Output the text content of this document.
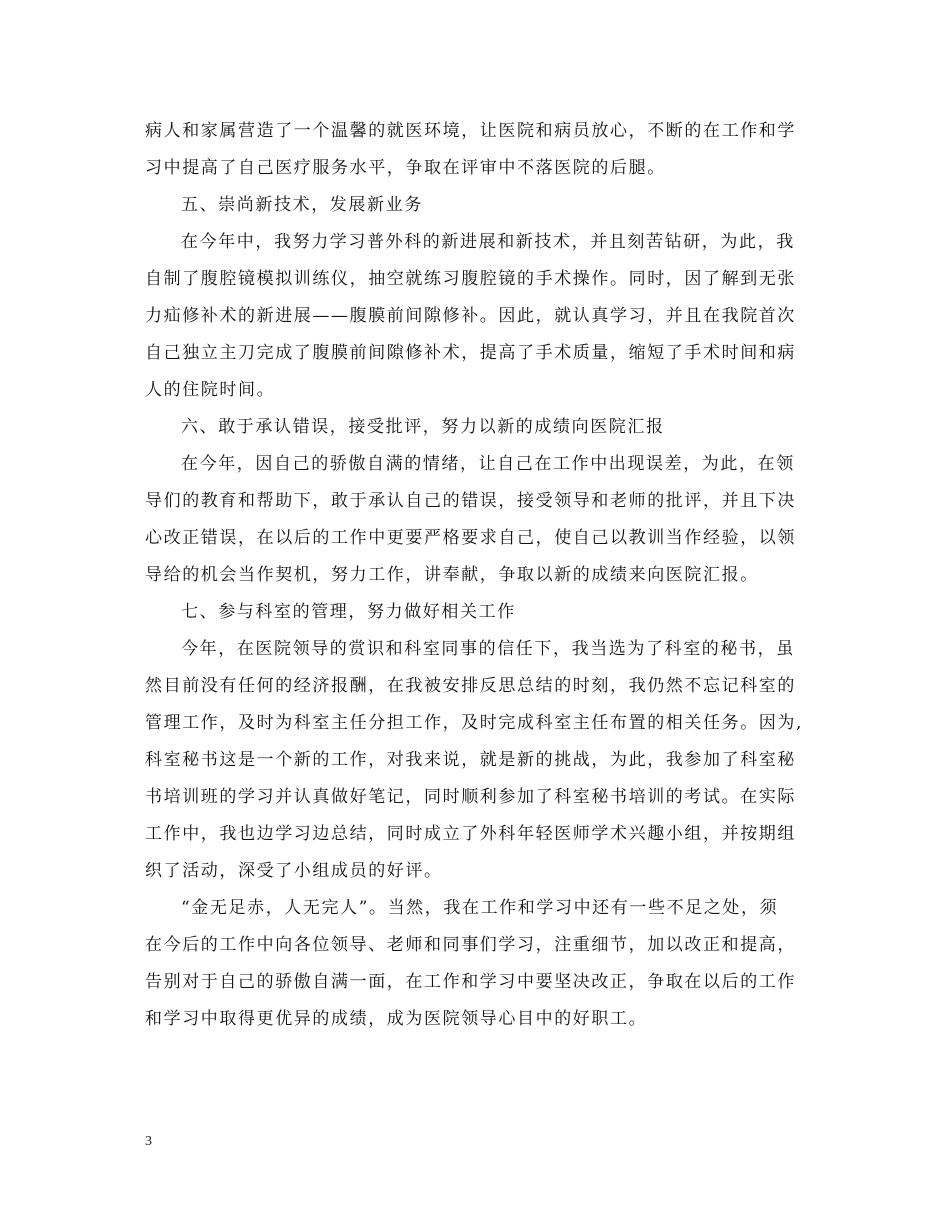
病人和家属营造了一个温馨的就医环境，让医院和病员放心，不断的在工作和学
习中提高了自己医疗服务水平，争取在评审中不落医院的后腿。
五、崇尚新技术，发展新业务
在今年中，我努力学习普外科的新进展和新技术，并且刻苦钻研，为此，我
自制了腹腔镜模拟训练仪，抽空就练习腹腔镜的手术操作。同时，因了解到无张
力疝修补术的新进展——腹膜前间隙修补。因此，就认真学习，并且在我院首次
自己独立主刀完成了腹膜前间隙修补术，提高了手术质量，缩短了手术时间和病
人的住院时间。
六、敢于承认错误，接受批评，努力以新的成绩向医院汇报
在今年，因自己的骄傲自满的情绪，让自己在工作中出现误差，为此，在领
导们的教育和帮助下，敢于承认自己的错误，接受领导和老师的批评，并且下决
心改正错误，在以后的工作中更要严格要求自己，使自己以教训当作经验，以领
导给的机会当作契机，努力工作，讲奉献，争取以新的成绩来向医院汇报。
七、参与科室的管理，努力做好相关工作
今年，在医院领导的赏识和科室同事的信任下，我当选为了科室的秘书，虽
然目前没有任何的经济报酬，在我被安排反思总结的时刻，我仍然不忘记科室的
管理工作，及时为科室主任分担工作，及时完成科室主任布置的相关任务。因为,
科室秘书这是一个新的工作，对我来说，就是新的挑战，为此，我参加了科室秘
书培训班的学习并认真做好笔记，同时顺利参加了科室秘书培训的考试。在实际
工作中，我也边学习边总结，同时成立了外科年轻医师学术兴趣小组，并按期组
织了活动，深受了小组成员的好评。
“金无足赤，人无完人”。当然，我在工作和学习中还有一些不足之处，须
在今后的工作中向各位领导、老师和同事们学习，注重细节，加以改正和提高，
告别对于自己的骄傲自满一面，在工作和学习中要坚决改正，争取在以后的工作
和学习中取得更优异的成绩，成为医院领导心目中的好职工。
3
